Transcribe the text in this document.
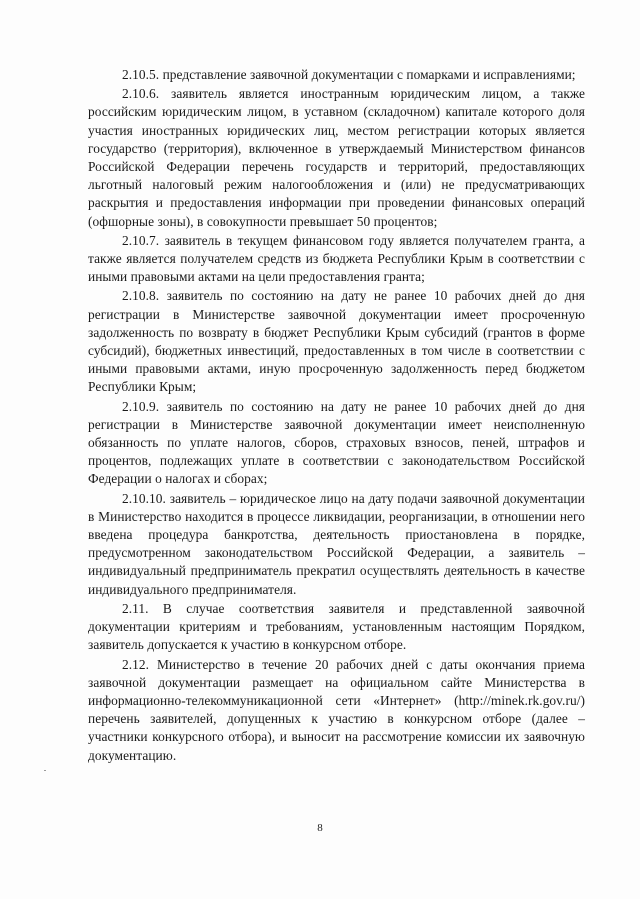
2.10.5. представление заявочной документации с помарками и исправлениями;

2.10.6. заявитель является иностранным юридическим лицом, а также российским юридическим лицом, в уставном (складочном) капитале которого доля участия иностранных юридических лиц, местом регистрации которых является государство (территория), включенное в утверждаемый Министерством финансов Российской Федерации перечень государств и территорий, предоставляющих льготный налоговый режим налогообложения и (или) не предусматривающих раскрытия и предоставления информации при проведении финансовых операций (офшорные зоны), в совокупности превышает 50 процентов;

2.10.7. заявитель в текущем финансовом году является получателем гранта, а также является получателем средств из бюджета Республики Крым в соответствии с иными правовыми актами на цели предоставления гранта;

2.10.8. заявитель по состоянию на дату не ранее 10 рабочих дней до дня регистрации в Министерстве заявочной документации имеет просроченную задолженность по возврату в бюджет Республики Крым субсидий (грантов в форме субсидий), бюджетных инвестиций, предоставленных в том числе в соответствии с иными правовыми актами, иную просроченную задолженность перед бюджетом Республики Крым;

2.10.9. заявитель по состоянию на дату не ранее 10 рабочих дней до дня регистрации в Министерстве заявочной документации имеет неисполненную обязанность по уплате налогов, сборов, страховых взносов, пеней, штрафов и процентов, подлежащих уплате в соответствии с законодательством Российской Федерации о налогах и сборах;

2.10.10. заявитель – юридическое лицо на дату подачи заявочной документации в Министерство находится в процессе ликвидации, реорганизации, в отношении него введена процедура банкротства, деятельность приостановлена в порядке, предусмотренном законодательством Российской Федерации, а заявитель – индивидуальный предприниматель прекратил осуществлять деятельность в качестве индивидуального предпринимателя.

2.11. В случае соответствия заявителя и представленной заявочной документации критериям и требованиям, установленным настоящим Порядком, заявитель допускается к участию в конкурсном отборе.

2.12. Министерство в течение 20 рабочих дней с даты окончания приема заявочной документации размещает на официальном сайте Министерства в информационно-телекоммуникационной сети «Интернет» (http://minek.rk.gov.ru/) перечень заявителей, допущенных к участию в конкурсном отборе (далее – участники конкурсного отбора), и выносит на рассмотрение комиссии их заявочную документацию.

8
